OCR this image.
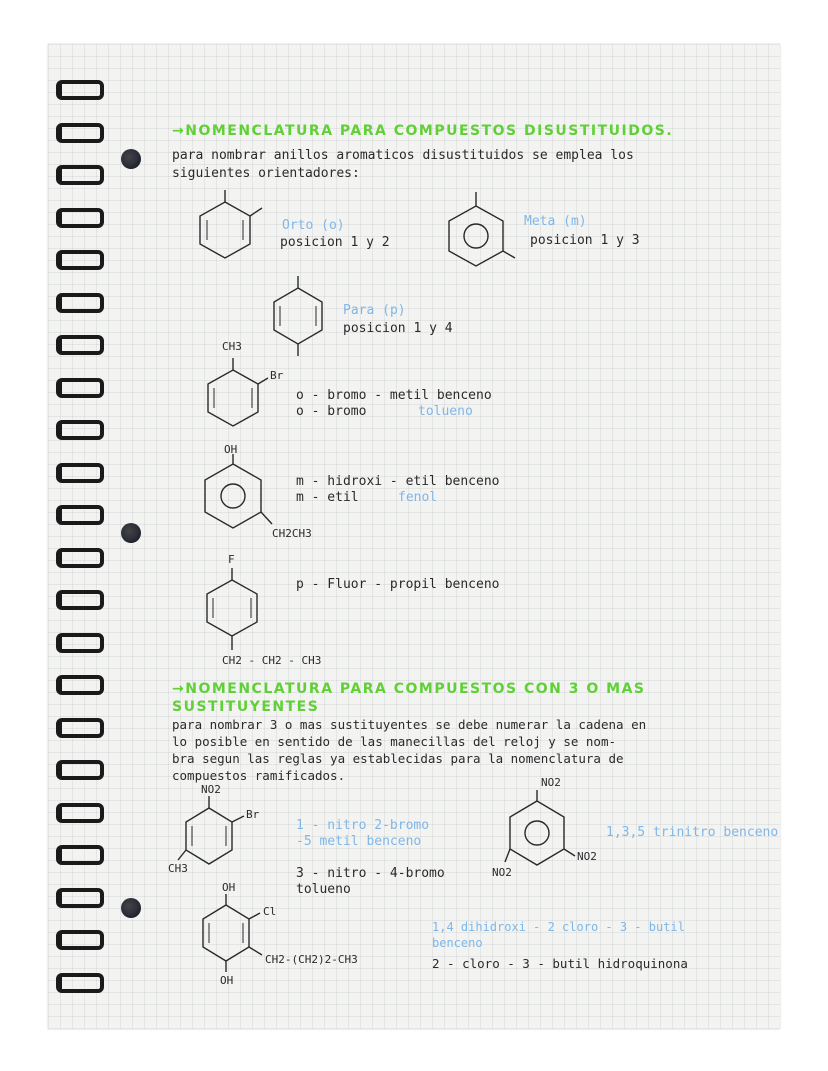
→NOMENCLATURA PARA COMPUESTOS DISUSTITUIDOS.
para nombrar anillos aromaticos disustituidos se emplea los
siguientes orientadores:
Orto (o)
posicion 1 y 2
Meta (m)
posicion 1 y 3
Para (p)
posicion 1 y 4
CH3
Br
o - bromo - metil benceno
o - bromo	tolueno
OH
CH2CH3
m - hidroxi - etil benceno
m - etil	fenol
F
CH2 - CH2 - CH3
p - Fluor - propil benceno
→NOMENCLATURA PARA COMPUESTOS CON 3 O MAS
SUSTITUYENTES
para nombrar 3 o mas sustituyentes se debe numerar la cadena en
lo posible en sentido de las manecillas del reloj y se nom-
bra segun las reglas ya establecidas para la nomenclatura de
compuestos ramificados.
NO2
Br
CH3
1 - nitro 2-bromo
-5 metil benceno
3 - nitro - 4-bromo
tolueno
NO2
NO2
NO2
1,3,5 trinitro benceno
OH
Cl
CH2-(CH2)2-CH3
OH
1,4 dihidroxi - 2 cloro - 3 - butil
benceno
2 - cloro - 3 - butil hidroquinona
